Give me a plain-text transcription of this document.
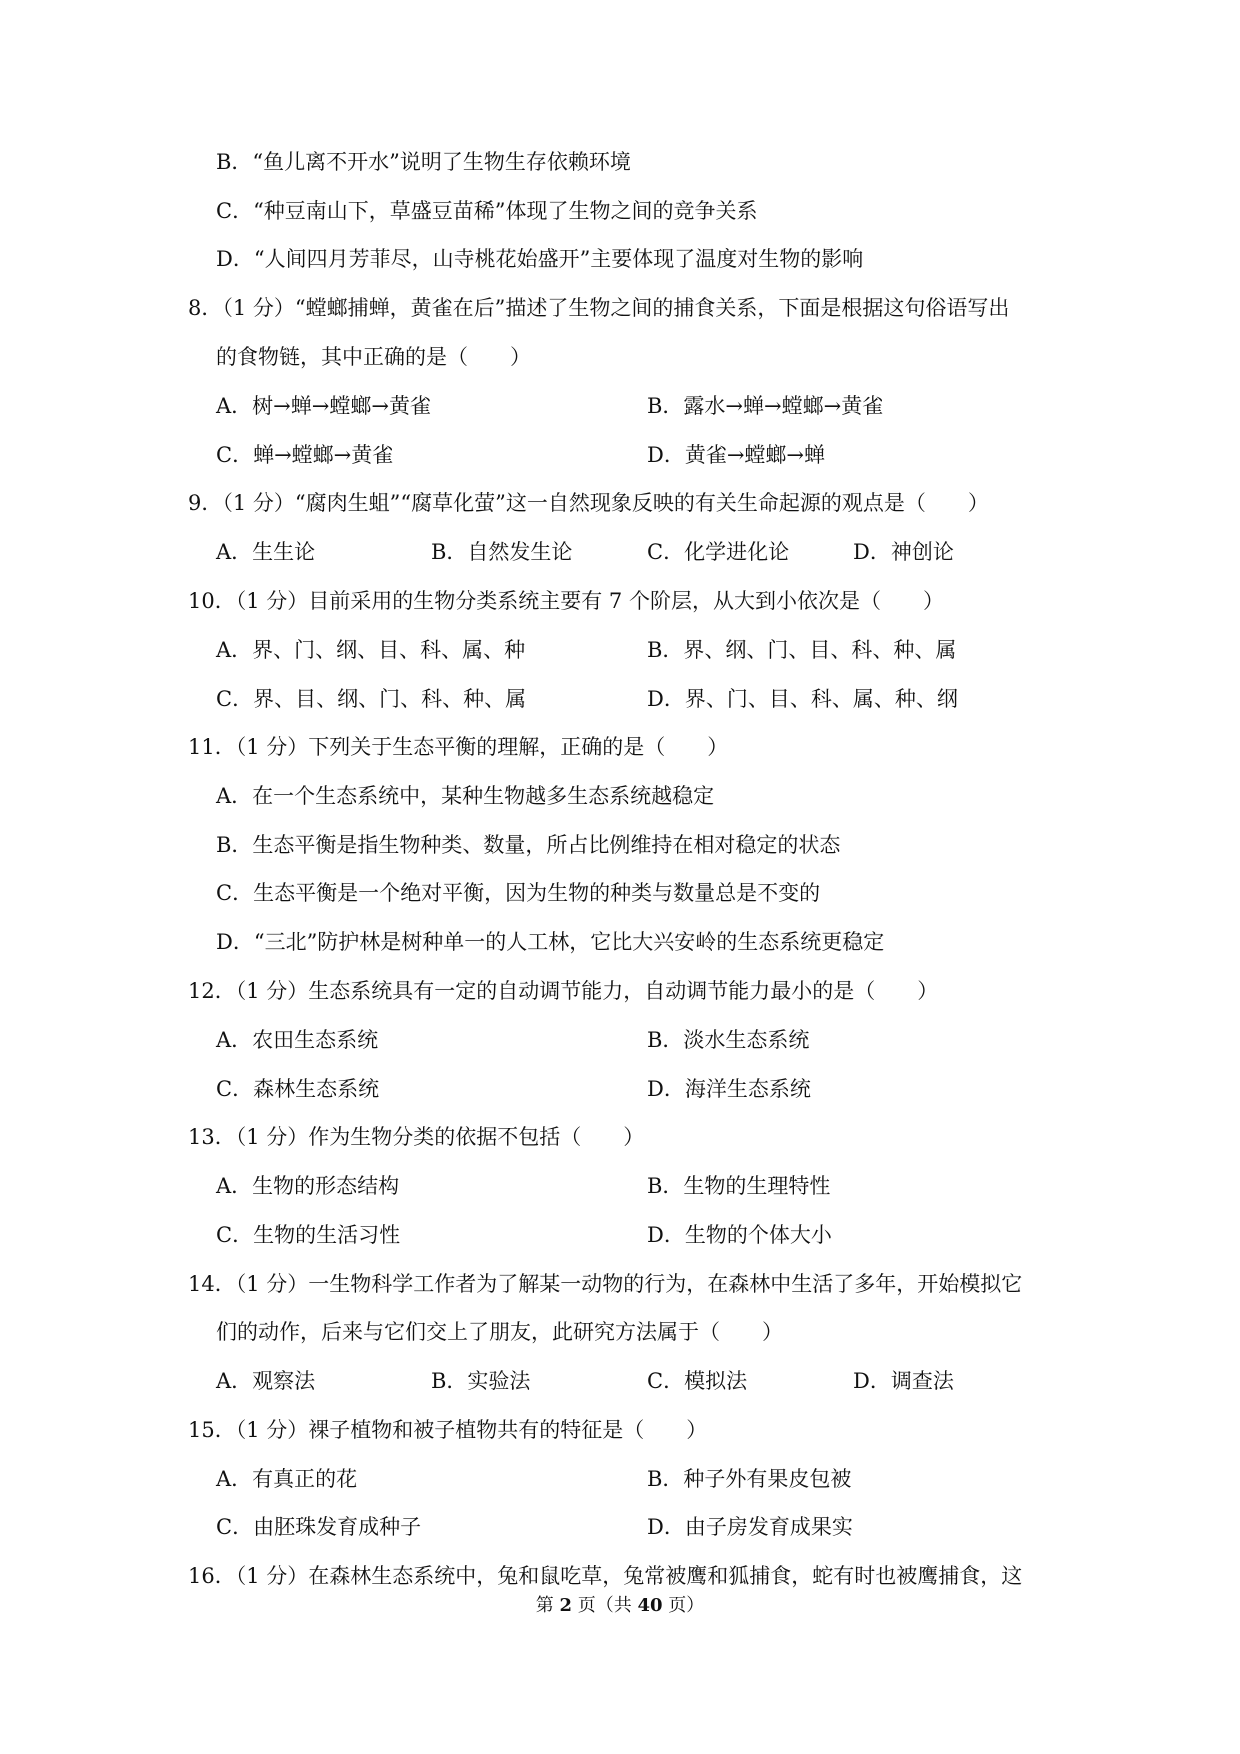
B．“鱼儿离不开水”说明了生物生存依赖环境
C．“种豆南山下，草盛豆苗稀”体现了生物之间的竞争关系
D．“人间四月芳菲尽，山寺桃花始盛开”主要体现了温度对生物的影响
8．（1 分）“螳螂捕蝉，黄雀在后”描述了生物之间的捕食关系，下面是根据这句俗语写出
的食物链，其中正确的是（　　）
A．树→蝉→螳螂→黄雀	B．露水→蝉→螳螂→黄雀
C．蝉→螳螂→黄雀	D．黄雀→螳螂→蝉
9．（1 分）“腐肉生蛆”“腐草化萤”这一自然现象反映的有关生命起源的观点是（　　）
A．生生论	B．自然发生论	C．化学进化论	D．神创论
10．（1 分）目前采用的生物分类系统主要有 7 个阶层，从大到小依次是（　　）
A．界、门、纲、目、科、属、种	B．界、纲、门、目、科、种、属
C．界、目、纲、门、科、种、属	D．界、门、目、科、属、种、纲
11．（1 分）下列关于生态平衡的理解，正确的是（　　）
A．在一个生态系统中，某种生物越多生态系统越稳定
B．生态平衡是指生物种类、数量，所占比例维持在相对稳定的状态
C．生态平衡是一个绝对平衡，因为生物的种类与数量总是不变的
D．“三北”防护林是树种单一的人工林，它比大兴安岭的生态系统更稳定
12．（1 分）生态系统具有一定的自动调节能力，自动调节能力最小的是（　　）
A．农田生态系统	B．淡水生态系统
C．森林生态系统	D．海洋生态系统
13．（1 分）作为生物分类的依据不包括（　　）
A．生物的形态结构	B．生物的生理特性
C．生物的生活习性	D．生物的个体大小
14．（1 分）一生物科学工作者为了解某一动物的行为，在森林中生活了多年，开始模拟它
们的动作，后来与它们交上了朋友，此研究方法属于（　　）
A．观察法	B．实验法	C．模拟法	D．调查法
15．（1 分）裸子植物和被子植物共有的特征是（　　）
A．有真正的花	B．种子外有果皮包被
C．由胚珠发育成种子	D．由子房发育成果实
16．（1 分）在森林生态系统中，兔和鼠吃草，兔常被鹰和狐捕食，蛇有时也被鹰捕食，这
第 2 页（共 40 页）
